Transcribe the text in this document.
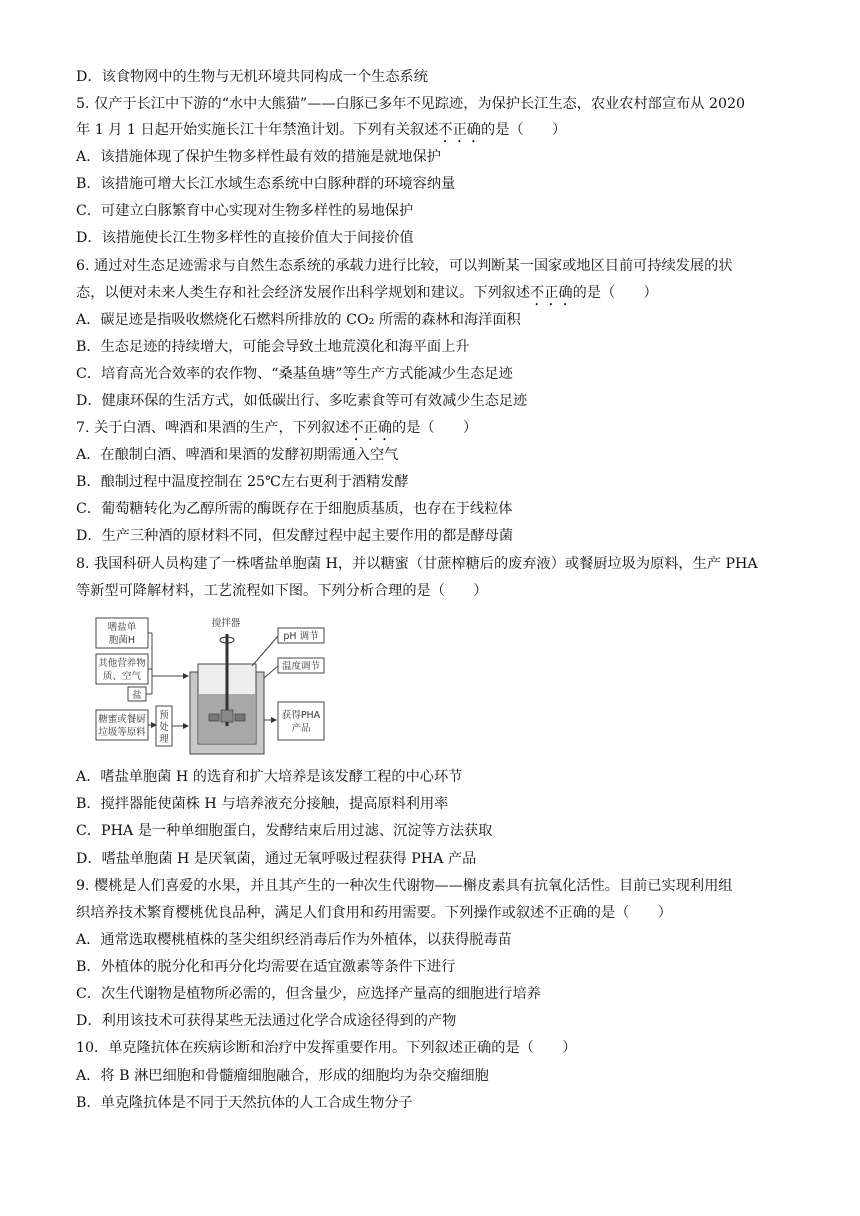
D．该食物网中的生物与无机环境共同构成一个生态系统
5. 仅产于长江中下游的“水中大熊猫”——白豚已多年不见踪迹，为保护长江生态，农业农村部宣布从 2020
年 1 月 1 日起开始实施长江十年禁渔计划。下列有关叙述不正确的是（　　）
A．该措施体现了保护生物多样性最有效的措施是就地保护
B．该措施可增大长江水域生态系统中白豚种群的环境容纳量
C．可建立白豚繁育中心实现对生物多样性的易地保护
D．该措施使长江生物多样性的直接价值大于间接价值
6. 通过对生态足迹需求与自然生态系统的承载力进行比较，可以判断某一国家或地区目前可持续发展的状
态，以便对未来人类生存和社会经济发展作出科学规划和建议。下列叙述不正确的是（　　）
A．碳足迹是指吸收燃烧化石燃料所排放的 CO₂ 所需的森林和海洋面积
B．生态足迹的持续增大，可能会导致土地荒漠化和海平面上升
C．培育高光合效率的农作物、“桑基鱼塘”等生产方式能减少生态足迹
D．健康环保的生活方式，如低碳出行、多吃素食等可有效减少生态足迹
7. 关于白酒、啤酒和果酒的生产，下列叙述不正确的是（　　）
A．在酿制白酒、啤酒和果酒的发酵初期需通入空气
B．酿制过程中温度控制在 25℃左右更利于酒精发酵
C．葡萄糖转化为乙醇所需的酶既存在于细胞质基质，也存在于线粒体
D．生产三种酒的原材料不同，但发酵过程中起主要作用的都是酵母菌
8. 我国科研人员构建了一株嗜盐单胞菌 H，并以糖蜜（甘蔗榨糖后的废弃液）或餐厨垃圾为原料，生产 PHA
等新型可降解材料，工艺流程如下图。下列分析合理的是（　　）
嗜盐单
胞菌H
其他营养物
质、空气
盐
糖蜜或餐厨
垃圾等原料
预
处
理
搅拌器
pH 调节
温度调节
获得PHA
产品
A．嗜盐单胞菌 H 的选育和扩大培养是该发酵工程的中心环节
B．搅拌器能使菌株 H 与培养液充分接触，提高原料利用率
C．PHA 是一种单细胞蛋白，发酵结束后用过滤、沉淀等方法获取
D．嗜盐单胞菌 H 是厌氧菌，通过无氧呼吸过程获得 PHA 产品
9. 樱桃是人们喜爱的水果，并且其产生的一种次生代谢物——槲皮素具有抗氧化活性。目前已实现利用组
织培养技术繁育樱桃优良品种，满足人们食用和药用需要。下列操作或叙述不正确的是（　　）
A．通常选取樱桃植株的茎尖组织经消毒后作为外植体，以获得脱毒苗
B．外植体的脱分化和再分化均需要在适宜激素等条件下进行
C．次生代谢物是植物所必需的，但含量少，应选择产量高的细胞进行培养
D．利用该技术可获得某些无法通过化学合成途径得到的产物
10．单克隆抗体在疾病诊断和治疗中发挥重要作用。下列叙述正确的是（　　）
A．将 B 淋巴细胞和骨髓瘤细胞融合，形成的细胞均为杂交瘤细胞
B．单克隆抗体是不同于天然抗体的人工合成生物分子
